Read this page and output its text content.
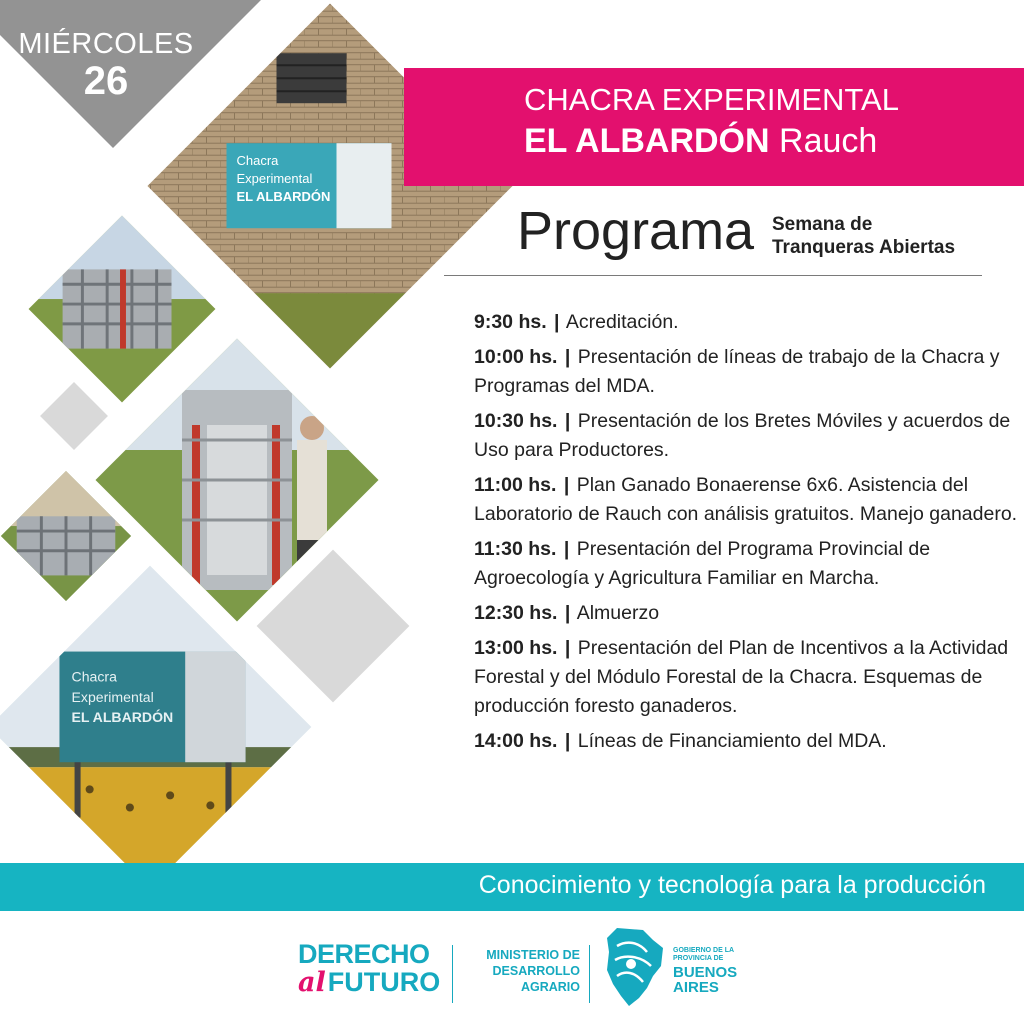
MIÉRCOLES
26
Chacra
Experimental
EL ALBARDÓN
Chacra
Experimental
EL ALBARDÓN
CHACRA EXPERIMENTAL
EL ALBARDÓN Rauch
Programa Semana de
Tranqueras Abiertas
9:30 hs. | Acreditación.
10:00 hs. | Presentación de líneas de trabajo de la Chacra y Programas del MDA.
10:30 hs. | Presentación de los Bretes Móviles y acuerdos de Uso para Productores.
11:00 hs. | Plan Ganado Bonaerense 6x6. Asistencia del Laboratorio de Rauch con análisis gratuitos. Manejo ganadero.
11:30 hs. | Presentación del Programa Provincial de Agroecología y Agricultura Familiar en Marcha.
12:30 hs. | Almuerzo
13:00 hs. | Presentación del Plan de Incentivos a la Actividad Forestal y del Módulo Forestal de la Chacra. Esquemas de producción foresto ganaderos.
14:00 hs. | Líneas de Financiamiento del MDA.
Conocimiento y tecnología para la producción
DERECHO
alFUTURO
MINISTERIO DE
DESARROLLO
AGRARIO
GOBIERNO DE LA
PROVINCIA DE
BUENOS
AIRES
